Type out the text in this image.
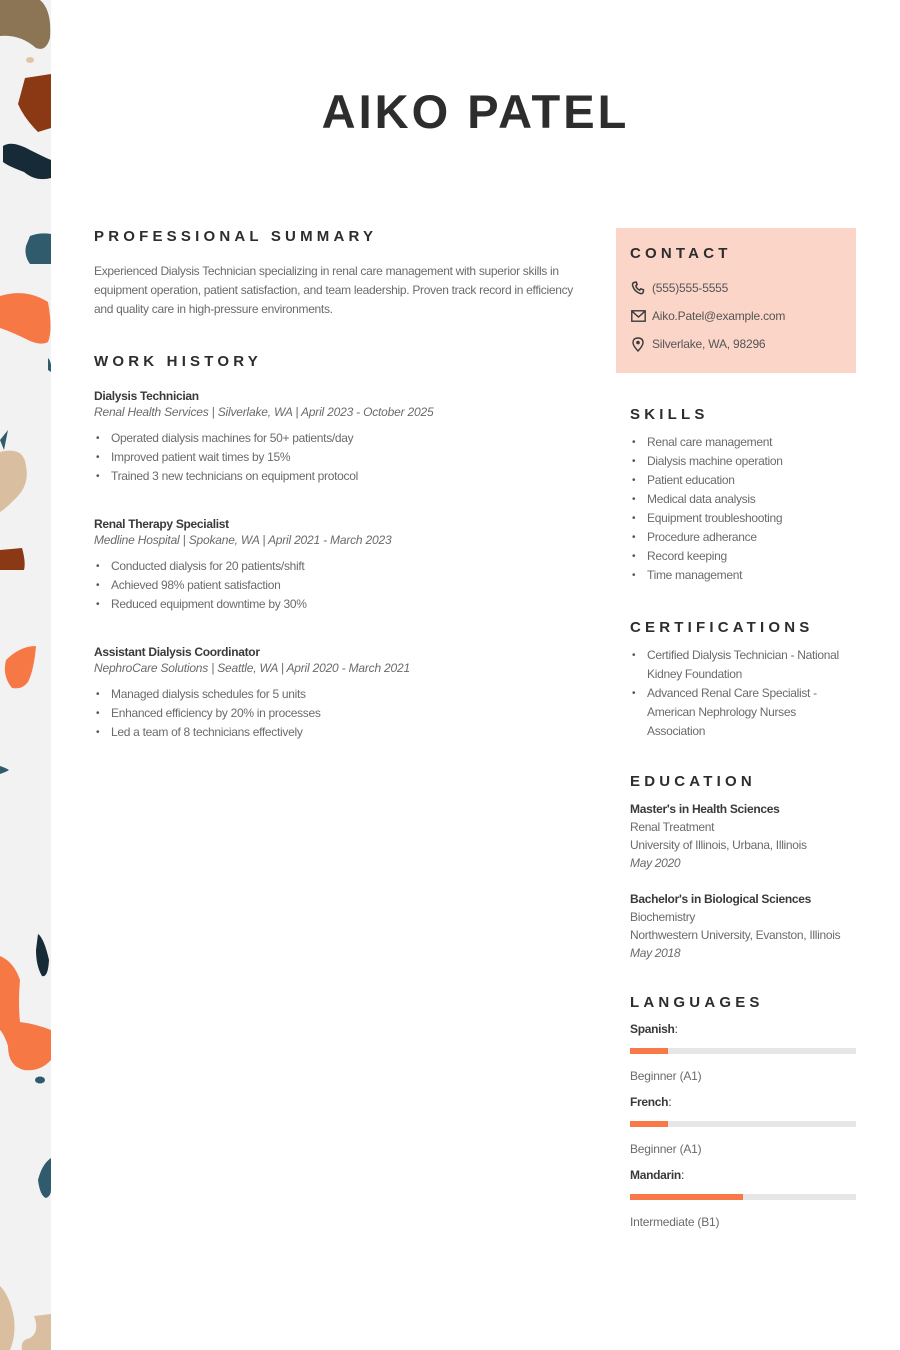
AIKO PATEL
PROFESSIONAL SUMMARY

Experienced Dialysis Technician specializing in renal care management with superior skills in equipment operation, patient satisfaction, and team leadership. Proven track record in efficiency and quality care in high-pressure environments.

WORK HISTORY
Dialysis Technician
Renal Health Services | Silverlake, WA | April 2023 - October 2025
• Operated dialysis machines for 50+ patients/day
• Improved patient wait times by 15%
• Trained 3 new technicians on equipment protocol
Renal Therapy Specialist
Medline Hospital | Spokane, WA | April 2021 - March 2023
• Conducted dialysis for 20 patients/shift
• Achieved 98% patient satisfaction
• Reduced equipment downtime by 30%
Assistant Dialysis Coordinator
NephroCare Solutions | Seattle, WA | April 2020 - March 2021
• Managed dialysis schedules for 5 units
• Enhanced efficiency by 20% in processes
• Led a team of 8 technicians effectively
CONTACT
(555)555-5555
Aiko.Patel@example.com
Silverlake, WA, 98296
SKILLS
• Renal care management
• Dialysis machine operation
• Patient education
• Medical data analysis
• Equipment troubleshooting
• Procedure adherance
• Record keeping
• Time management
CERTIFICATIONS
• Certified Dialysis Technician - National Kidney Foundation
• Advanced Renal Care Specialist - American Nephrology Nurses Association
EDUCATION
Master's in Health Sciences
Renal Treatment
University of Illinois, Urbana, Illinois
May 2020
Bachelor's in Biological Sciences
Biochemistry
Northwestern University, Evanston, Illinois
May 2018
LANGUAGES
Spanish:
Beginner (A1)
French:
Beginner (A1)
Mandarin:
Intermediate (B1)
